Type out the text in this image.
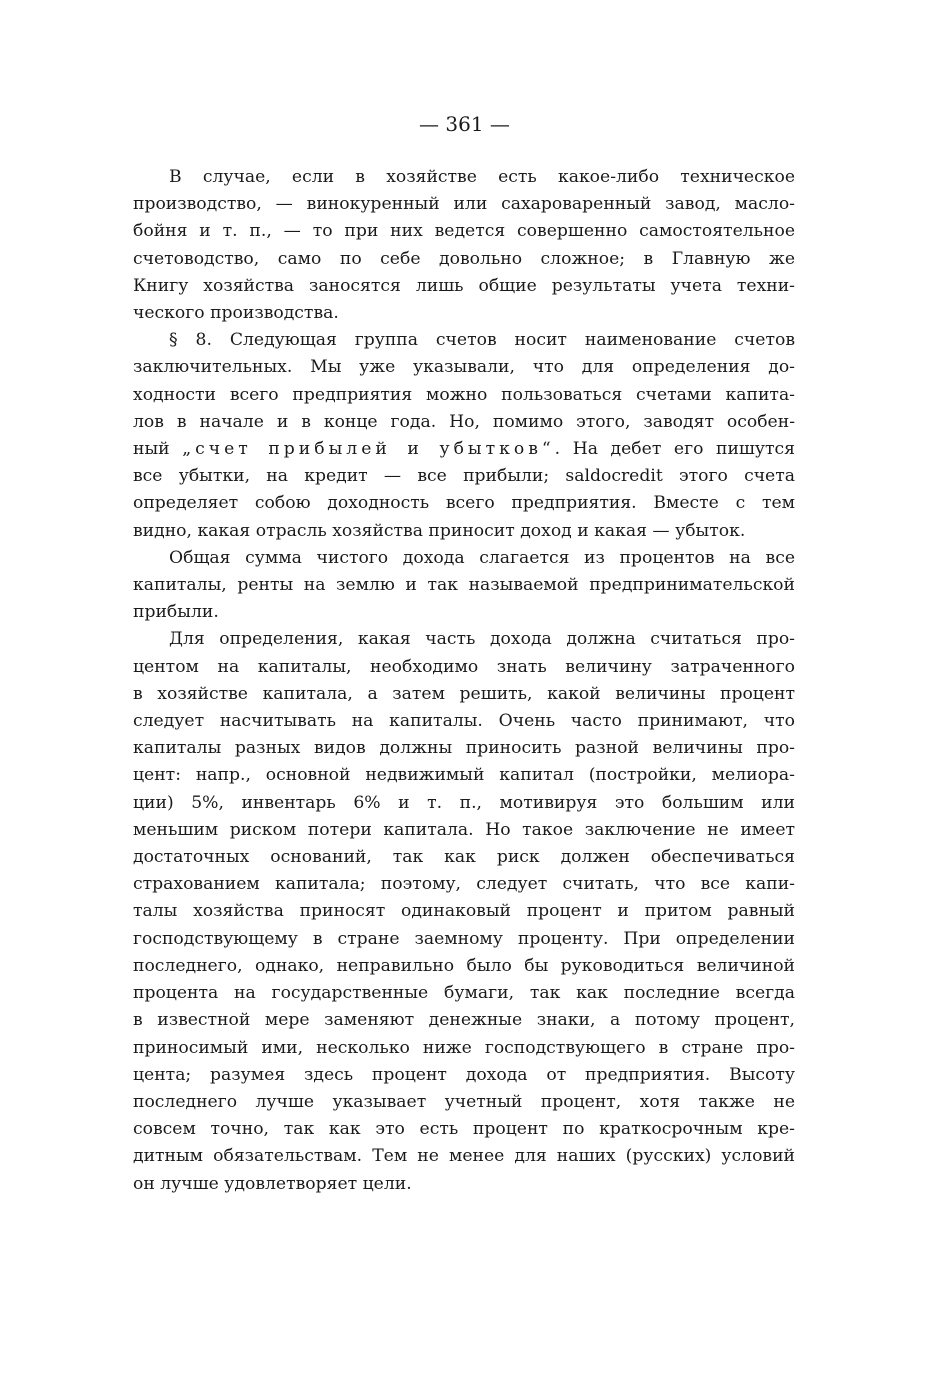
— 361 —
В случае, если в хозяйстве есть какое-либо техническое
производство, — винокуренный или сахароваренный завод, масло-
бойня и т. п., — то при них ведется совершенно самостоятельное
счетоводство, само по себе довольно сложное; в Главную же
Книгу хозяйства заносятся лишь общие результаты учета техни-
ческого производства.
§ 8. Следующая группа счетов носит наименование счетов
заключительных. Мы уже указывали, что для определения до-
ходности всего предприятия можно пользоваться счетами капита-
лов в начале и в конце года. Но, помимо этого, заводят особен-
ный „счет прибылей и убытков“. На дебет его пишутся
все убытки, на кредит — все прибыли; saldocredit этого счета
определяет собою доходность всего предприятия. Вместе с тем
видно, какая отрасль хозяйства приносит доход и какая — убыток.
Общая сумма чистого дохода слагается из процентов на все
капиталы, ренты на землю и так называемой предпринимательской
прибыли.
Для определения, какая часть дохода должна считаться про-
центом на капиталы, необходимо знать величину затраченного
в хозяйстве капитала, а затем решить, какой величины процент
следует насчитывать на капиталы. Очень часто принимают, что
капиталы разных видов должны приносить разной величины про-
цент: напр., основной недвижимый капитал (постройки, мелиора-
ции) 5%, инвентарь 6% и т. п., мотивируя это большим или
меньшим риском потери капитала. Но такое заключение не имеет
достаточных оснований, так как риск должен обеспечиваться
страхованием капитала; поэтому, следует считать, что все капи-
талы хозяйства приносят одинаковый процент и притом равный
господствующему в стране заемному проценту. При определении
последнего, однако, неправильно было бы руководиться величиной
процента на государственные бумаги, так как последние всегда
в известной мере заменяют денежные знаки, а потому процент,
приносимый ими, несколько ниже господствующего в стране про-
цента; разумея здесь процент дохода от предприятия. Высоту
последнего лучше указывает учетный процент, хотя также не
совсем точно, так как это есть процент по краткосрочным кре-
дитным обязательствам. Тем не менее для наших (русских) условий
он лучше удовлетворяет цели.
